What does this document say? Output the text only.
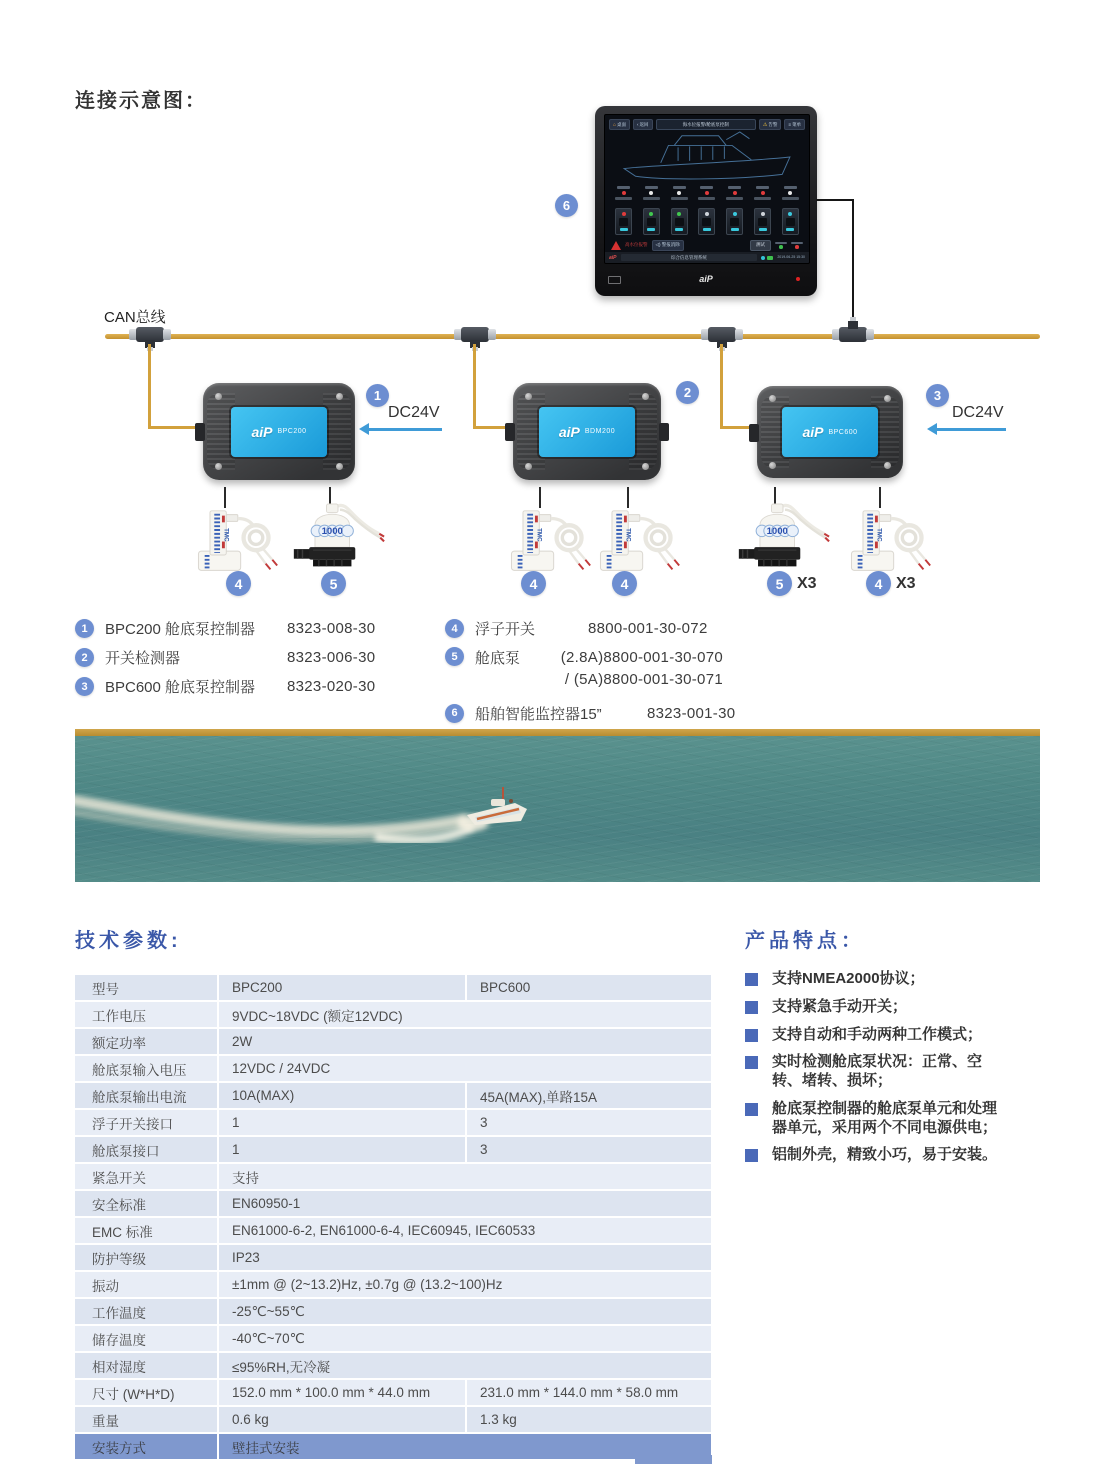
连接示意图：
⌂ 桌面 ‹ 返回	海水位报警/舱底泵控制	⚠ 告警 ≡ 菜单
高水位报警 ◁) 警报消除	测试
aiP	综合信息管理系统	2019-06-25 15:30
aiP
6
CAN总线
aiP BPC200
1
DC24V
aiP BDM200
2
aiP BPC600
3
DC24V
4	5	4	4	5 X3	4 X3
1	BPC200 舱底泵控制器	8323-008-30
2	开关检测器	8323-006-30
3	BPC600 舱底泵控制器	8323-020-30
4	浮子开关	8800-001-30-072
5	舱底泵	(2.8A)8800-001-30-070
/ (5A)8800-001-30-071
6	船舶智能监控器15”	8323-001-30
技术参数:
型号	BPC200	BPC600
工作电压	9VDC~18VDC (额定12VDC)
额定功率	2W
舱底泵输入电压	12VDC / 24VDC
舱底泵输出电流	10A(MAX)	45A(MAX),单路15A
浮子开关接口	1	3
舱底泵接口	1	3
紧急开关	支持
安全标准	EN60950-1
EMC 标准	EN61000-6-2, EN61000-6-4, IEC60945, IEC60533
防护等级	IP23
振动	±1mm @ (2~13.2)Hz, ±0.7g @ (13.2~100)Hz
工作温度	-25℃~55℃
储存温度	-40℃~70℃
相对湿度	≤95%RH,无冷凝
尺寸 (W*H*D)	152.0 mm * 100.0 mm * 44.0 mm	231.0 mm * 144.0 mm * 58.0 mm
重量	0.6 kg	1.3 kg
安装方式	壁挂式安装
产品特点：
支持NMEA2000协议；
支持紧急手动开关；
支持自动和手动两种工作模式；
实时检测舱底泵状况：正常、空转、堵转、损坏；
舱底泵控制器的舱底泵单元和处理器单元，采用两个不同电源供电；
铝制外壳，精致小巧，易于安装。
